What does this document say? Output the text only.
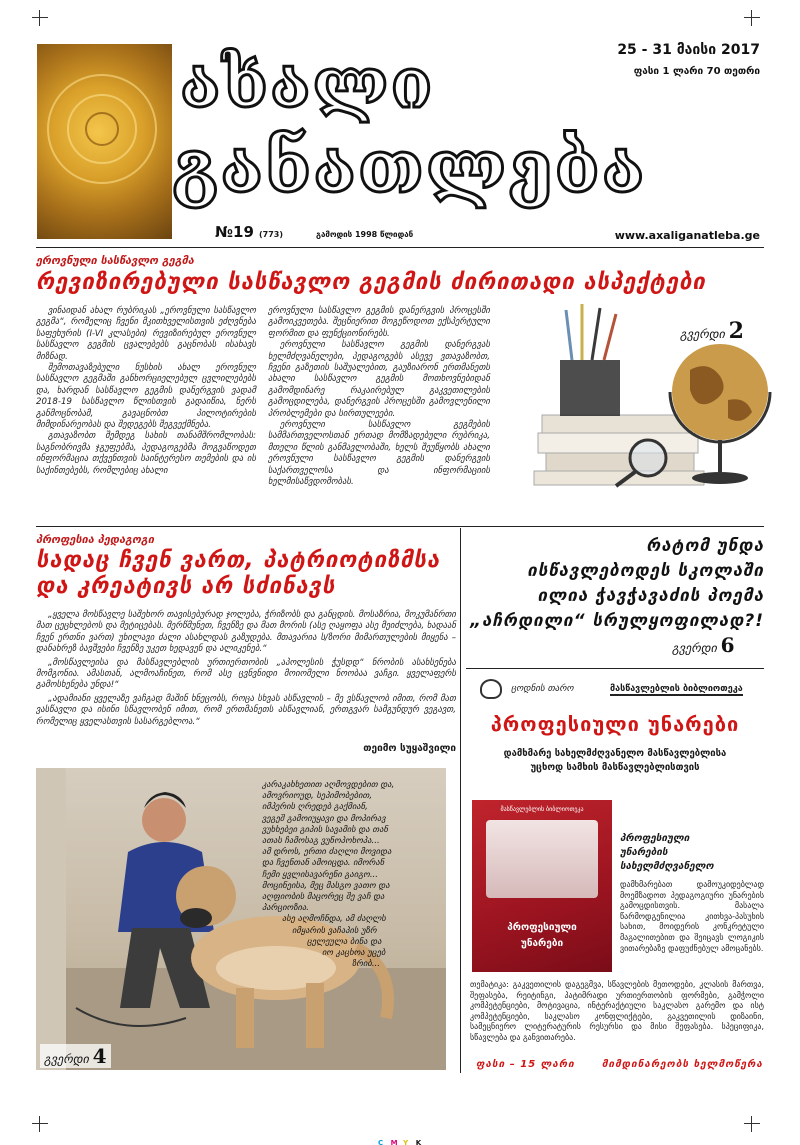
ახალი
განათლება
25 - 31 მაისი 2017
ფასი 1 ლარი 70 თეთრი
№19 (773)	გამოდის 1998 წლიდან	www.axaliganatleba.ge
ეროვნული სასწავლო გეგმა
რევიზირებული სასწავლო გეგმის ძირითადი ასპექტები

ვინაიდან ახალ რუბრიკას „ეროვნული სასწავლო გეგმა“, რომელიც ჩვენი მკითხველისთვის ეძღვნება საფეხურის (I-VI კლასები) რევიზირებულ ეროვნულ სასწავლო გეგმის ცვალებებს გაცნობას ისახავს მიზნად.

შემოთავაზებული ნუსხის ახალ ეროვნულ სასწავლო გეგმაში განხორციელებულ ცვლილებებს და, ხარდან სასწავლო გეგმის დანერგვის ვადამ 2018-19 სასწავლო წლისთვის გადაიწია, ნერს განმოცნობამ, გავაცნობთ პილოტირების მიმდინარეობას და შედეგებს შეგვექმნება.

გთავაზობთ შემდეგ სახის თანამშრომლობას: საგნობრივმა ჯგუფებმა, პედაგოგებმა მოგვაწოდეთ ინფორმაცია თქვენთვის საინტერესო თემების და ის საქინთებებს, რომლებიც ახალი

ეროვნული სასწავლო გეგმის დანერგვის პროცესში გამოიკვეთება. შეცნიერით მოგეწოდოთ ექსპერტული ფორმით და ფუნქციონირებს.

ეროვნული სასწავლო გეგმის დანერგვას ხელმძღვანელები, პედაგოგებს ასევე ვთავაზობთ, ჩვენი გაზეთის საშუალებით, გაუზიარონ ერთმანეთს ახალი სასწავლო გეგმის მოთხოვნებიდან გამომდინარე რაკაირებულ გაკვეთილების გამოცდილება, დანერგვის პროცესში გამოვლენილი პრობლემები და სირთულეები.

ეროვნული სასწავლო გეგმების სამმართველოსთან ერთად მომზადებული რუბრიკა, მთელი წლის განმავლობაში, ხელს შეუწყობს ახალი ეროვნული სასწავლო გეგმის დანერგვის საქართველოსა და ინფორმაციის ხელმისაწვდომობას.

გვერდი 2
პროფესია პედაგოგი
სადაც ჩვენ ვართ, პატრიოტიზმსა
და კრეატივს არ სძინავს

„ყველა მოსწავლე საშეხორ თავისებურად ჯოლება, ჭრიზობს და განცდის. მოსაზრია, მოკუმანრთი მათ ცეცხლებოს და მეტიცებას. მერწმუნეთ, ჩვენზე და მათ მორის (ასე ღაყოფა ასე მეიძლება, ხადაან ჩვენ ერთნი ვართ) უხილავი ძალი ასახლდას გაზუდება. მთავარია ს/ზორი მიმართულების მიყენა – დანახრეზ ბავშვები ჩვენზე უკეთ ხედავენ და ალიკენებ.“

„მოსწავლეისა და მასწავლებლის ურთიერთობის „აპოლესის ჭუსდდ“ ნრობის ასახსენება მომგონია. ამასთან, ალმოაჩინეთ, რომ ასე ცვნვნიდი მოიომელი ნოობაა ვაჩგი. ყველაფერს გამოსხენება უნდა!“

„ადამიანი ყველაზე ვაჩგად მაშინ ხნეცობს, როცა სხვას ასწავლის – მე ვსწავლობ იმით, რომ მათ ვასწავლი და ისინი სწავლობენ იმით, რომ ერთმანეთს ასწავლიან, ერთგვარ სამგუნდურ ვეგავთ, რომელიც ყველასთვის სასარგებლოა.“

თეიმო სუყაშვილი
კარაკახხეთით აღმოვდებით და,
ამოვრიოუდ, სეპიმობებით,
იმპერის ღრედებ გაქმიან,
ვეგეშ გამოიუყავი და მოპირავ
ვუხხებეი გიპის სავამის და თან
ათას ჩამოსაგ ვუნოპოხოპა...
ამ დროს, ერთი ძაღლი მოვიდა
და ჩვენთან ამოიცდა. იმორან
ჩემი ყვლისავარენი გაიგო...
მოცინეისა, მეც მასგო ვათო და
აღფიობის მაცორეც შე ვაჩ და
პარციოზია.
ასე აღმოჩნდა, ამ ძაღლს
იმყარის ვაჩაპის უზრ
ცელეულა ბინა და
იო კაცხოა უცებ
ზრიბ...
გვერდი 4
რატომ უნდა
ისწავლებოდეს სკოლაში
ილია ჭავჭავაძის პოემა
„აჩრდილი“ სრულყოფილად?!
გვერდი 6
ცოდნის თარო	მასწავლებლის ბიბლიოთეკა
პროფესიული უნარები
დამხმარე სახელმძღვანელო მასწავლებლისა
უცხოდ სამხის მასწავლებლისთვის
მასწავლებლის ბიბლიოთეკა
პროფესიული
უნარები
პროფესიული
უნარების
სახელმძღვანელო
დამხმარებათ დამოუკიდებლად მოემზადოთ პედაგოგიური უნარების გამოცდისთვის. მასალა წარმოდგენილია კითხვა-პასუხის სახით, მოიდერის კონკრეტული მაგალითებით და შეიცავს ლოგიკის ვითარებაზე დაფუძნებულ ამოცანებს.
თემატიკა: გაკვეთილის დაგეგმვა, სწავლების მეთოდები, კლასის მართვა, შეფასება, რეიტინგი, პატიმრადი ურთიერთობის ფორმები, გამჭოლი კომპეტენციები, მოტივაცია, ინტერაქტიული საკლასო გარემო და ისტ კომპეტენციები, საკლასო კონფლიქტები, გაკვეთილის დიზაინი, სამეცნიერო ლიტერატურის რესურსი და მისი შეფასება. სპეციფიკა, სწავლება და განვითარება.
ფასი – 15 ლარი	მიმდინარეობს ხელმოწერა
C M Y K
